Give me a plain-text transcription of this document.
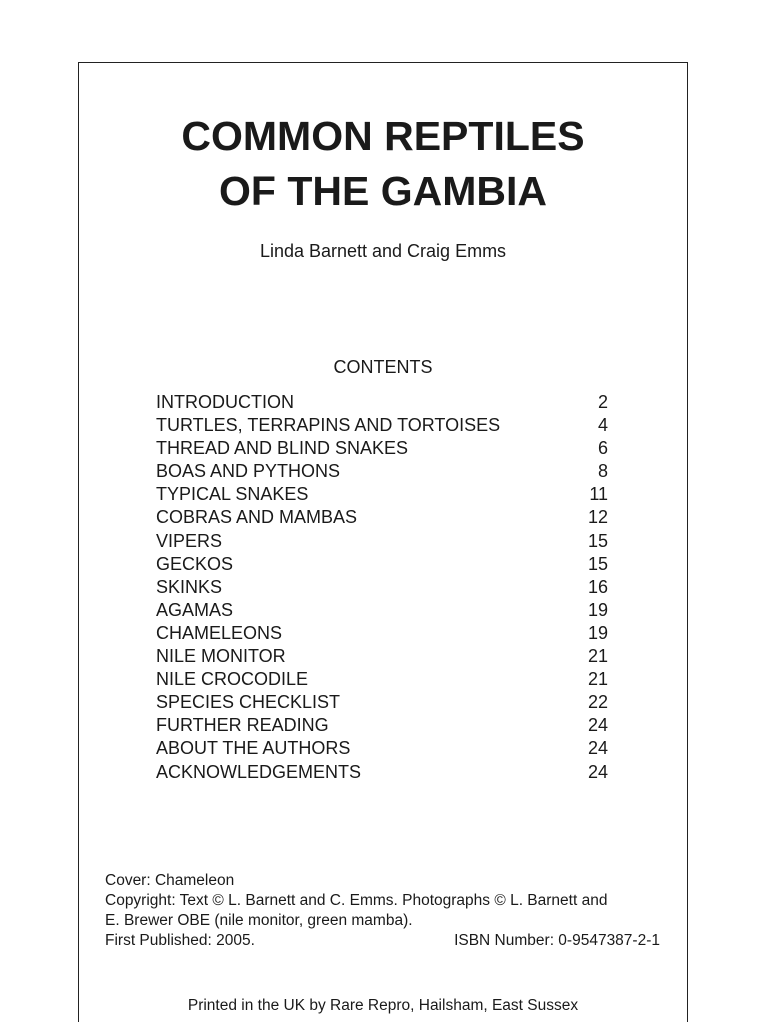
COMMON REPTILES
OF THE GAMBIA
Linda Barnett and Craig Emms
CONTENTS
INTRODUCTION	2
TURTLES, TERRAPINS AND TORTOISES	4
THREAD AND BLIND SNAKES	6
BOAS AND PYTHONS	8
TYPICAL SNAKES	11
COBRAS AND MAMBAS	12
VIPERS	15
GECKOS	15
SKINKS	16
AGAMAS	19
CHAMELEONS	19
NILE MONITOR	21
NILE CROCODILE	21
SPECIES CHECKLIST	22
FURTHER READING	24
ABOUT THE AUTHORS	24
ACKNOWLEDGEMENTS	24
Cover: Chameleon
Copyright: Text © L. Barnett and C. Emms. Photographs © L. Barnett and
E. Brewer OBE (nile monitor, green mamba).
First Published: 2005.	ISBN Number: 0-9547387-2-1
Printed in the UK by Rare Repro, Hailsham, East Sussex
